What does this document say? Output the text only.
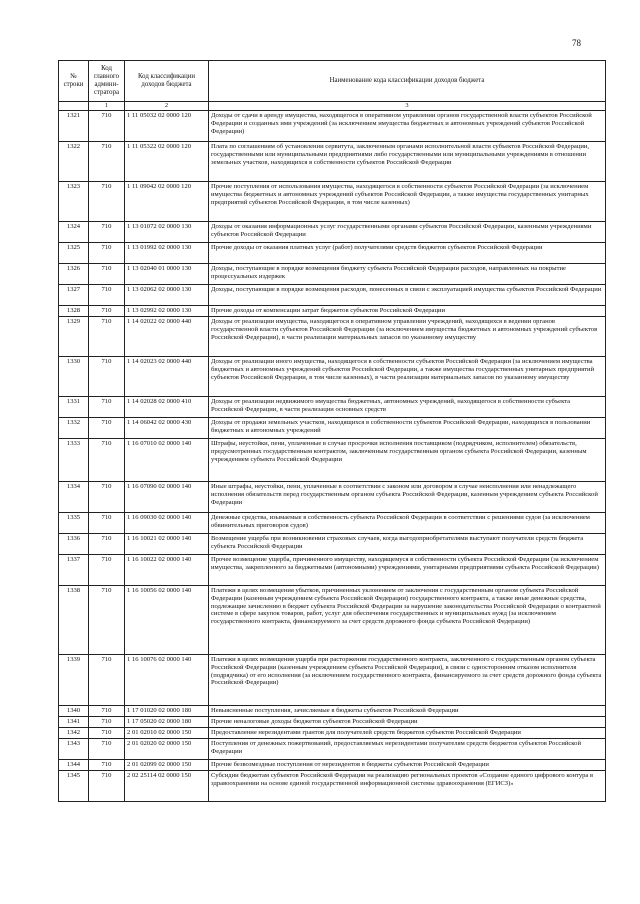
78
№ строки	Код главного админи-стратора	Код классификации доходов бюджета	Наименование кода классификации доходов бюджета
	1	2	3
1321	710	1 11 05032 02 0000 120	Доходы от сдачи в аренду имущества, находящегося в оперативном управлении органов государственной власти субъектов Российской Федерации и созданных ими учреждений (за исключением имущества бюджетных и автономных учреждений субъектов Российской Федерации)
1322	710	1 11 05322 02 0000 120	Плата по соглашениям об установлении сервитута, заключенным органами исполнительной власти субъектов Российской Федерации, государственными или муниципальными предприятиями либо государственными или муниципальными учреждениями в отношении земельных участков, находящихся в собственности субъектов Российской Федерации
1323	710	1 11 09042 02 0000 120	Прочие поступления от использования имущества, находящегося в собственности субъектов Российской Федерации (за исключением имущества бюджетных и автономных учреждений субъектов Российской Федерации, а также имущества государственных унитарных предприятий субъектов Российской Федерации, в том числе казенных)
1324	710	1 13 01072 02 0000 130	Доходы от оказания информационных услуг государственными органами субъектов Российской Федерации, казенными учреждениями субъектов Российской Федерации
1325	710	1 13 01992 02 0000 130	Прочие доходы от оказания платных услуг (работ) получателями средств бюджетов субъектов Российской Федерации
1326	710	1 13 02040 01 0000 130	Доходы, поступающие в порядке возмещения бюджету субъекта Российской Федерации расходов, направленных на покрытие процессуальных издержек
1327	710	1 13 02062 02 0000 130	Доходы, поступающие в порядке возмещения расходов, понесенных в связи с эксплуатацией имущества субъектов Российской Федерации
1328	710	1 13 02992 02 0000 130	Прочие доходы от компенсации затрат бюджетов субъектов Российской Федерации
1329	710	1 14 02022 02 0000 440	Доходы от реализации имущества, находящегося в оперативном управлении учреждений, находящихся в ведении органов государственной власти субъектов Российской Федерации (за исключением имущества бюджетных и автономных учреждений субъектов Российской Федерации), в части реализации материальных запасов по указанному имуществу
1330	710	1 14 02023 02 0000 440	Доходы от реализации иного имущества, находящегося в собственности субъектов Российской Федерации (за исключением имущества бюджетных и автономных учреждений субъектов Российской Федерации, а также имущества государственных унитарных предприятий субъектов Российской Федерации, в том числе казенных), в части реализации материальных запасов по указанному имуществу
1331	710	1 14 02028 02 0000 410	Доходы от реализации недвижимого имущества бюджетных, автономных учреждений, находящегося в собственности субъекта Российской Федерации, в части реализации основных средств
1332	710	1 14 06042 02 0000 430	Доходы от продажи земельных участков, находящихся в собственности субъектов Российской Федерации, находящихся в пользовании бюджетных и автономных учреждений
1333	710	1 16 07010 02 0000 140	Штрафы, неустойки, пени, уплаченные в случае просрочки исполнения поставщиком (подрядчиком, исполнителем) обязательств, предусмотренных государственным контрактом, заключенным государственным органом субъекта Российской Федерации, казенным учреждением субъекта Российской Федерации
1334	710	1 16 07090 02 0000 140	Иные штрафы, неустойки, пени, уплаченные в соответствии с законом или договором в случае неисполнения или ненадлежащего исполнения обязательств перед государственным органом субъекта Российской Федерации, казенным учреждением субъекта Российской Федерации
1335	710	1 16 09030 02 0000 140	Денежные средства, изымаемые в собственность субъекта Российской Федерации в соответствии с решениями судов (за исключением обвинительных приговоров судов)
1336	710	1 16 10021 02 0000 140	Возмещение ущерба при возникновении страховых случаев, когда выгодоприобретателями выступают получатели средств бюджета субъекта Российской Федерации
1337	710	1 16 10022 02 0000 140	Прочее возмещение ущерба, причиненного имуществу, находящемуся в собственности субъекта Российской Федерации (за исключением имущества, закрепленного за бюджетными (автономными) учреждениями, унитарными предприятиями субъекта Российской Федерации)
1338	710	1 16 10056 02 0000 140	Платежи в целях возмещения убытков, причиненных уклонением от заключения с государственным органом субъекта Российской Федерации (казенным учреждением субъекта Российской Федерации) государственного контракта, а также иные денежные средства, подлежащие зачислению в бюджет субъекта Российской Федерации за нарушение законодательства Российской Федерации о контрактной системе в сфере закупок товаров, работ, услуг для обеспечения государственных и муниципальных нужд (за исключением государственного контракта, финансируемого за счет средств дорожного фонда субъекта Российской Федерации)
1339	710	1 16 10076 02 0000 140	Платежи в целях возмещения ущерба при расторжении государственного контракта, заключенного с государственным органом субъекта Российской Федерации (казенным учреждением субъекта Российской Федерации), в связи с односторонним отказом исполнителя (подрядчика) от его исполнения (за исключением государственного контракта, финансируемого за счет средств дорожного фонда субъекта Российской Федерации)
1340	710	1 17 01020 02 0000 180	Невыясненные поступления, зачисляемые в бюджеты субъектов Российской Федерации
1341	710	1 17 05020 02 0000 180	Прочие неналоговые доходы бюджетов субъектов Российской Федерации
1342	710	2 01 02010 02 0000 150	Предоставление нерезидентами грантов для получателей средств бюджетов субъектов Российской Федерации
1343	710	2 01 02020 02 0000 150	Поступления от денежных пожертвований, предоставляемых нерезидентами получателям средств бюджетов субъектов Российской Федерации
1344	710	2 01 02099 02 0000 150	Прочие безвозмездные поступления от нерезидентов в бюджеты субъектов Российской Федерации
1345	710	2 02 25114 02 0000 150	Субсидии бюджетам субъектов Российской Федерации на реализацию региональных проектов «Создание единого цифрового контура в здравоохранении на основе единой государственной информационной системы здравоохранения (ЕГИСЗ)»
